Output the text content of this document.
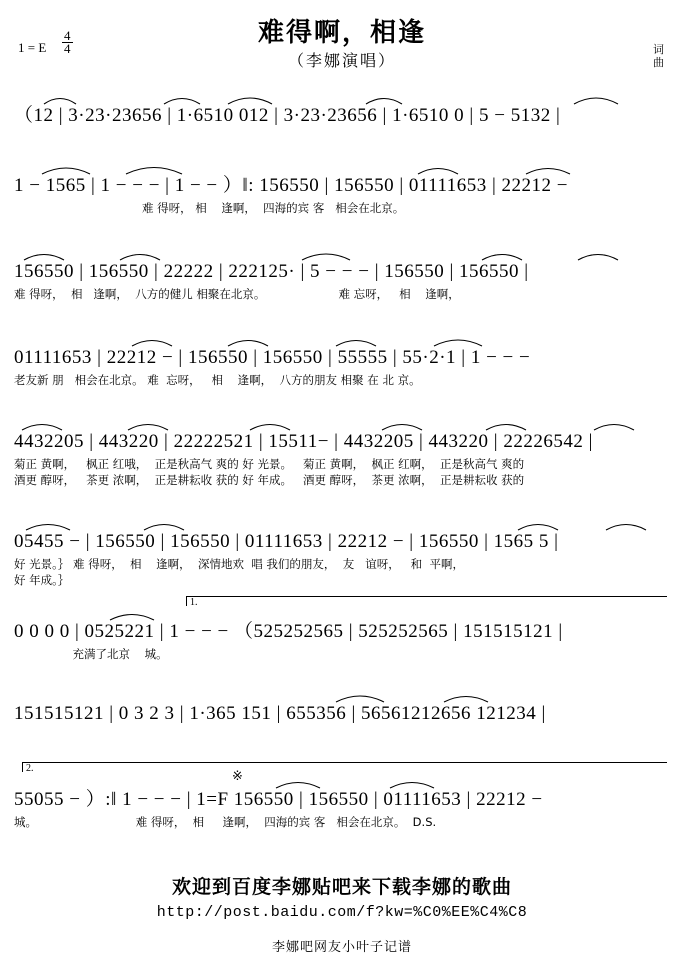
难得啊，相逢
（李娜演唱）
1 = E $\frac{4}{4}$	词
曲
（12 | 3·23·23656 | 1·6510 012 | 3·23·23656 | 1·6510 0 | 5 − 5132 |
1 − 1565 | 1 − − − | 1 − − ）‖: 156550 | 156550 | 01111653 | 22212 −
难 得呀， 相    逢啊，  四海的宾 客   相会在北京。
156550 | 156550 | 22222 | 222125· | 5 − − − | 156550 | 156550 |
难 得呀，  相   逢啊，  八方的健儿 相聚在北京。                    难 忘呀，   相    逢啊，
01111653 | 22212 − | 156550 | 156550 | 55555 | 55·2·1 | 1 − − −
老友新 朋   相会在北京。 难  忘呀，   相    逢啊，  八方的朋友 相聚 在 北 京。
4432205 | 443220 | 22222521 | 15511− | 4432205 | 443220 | 22226542 |
菊正 黄啊，   枫正 红哦，  正是秋高气 爽的 好 光景。   菊正 黄啊，  枫正 红啊，  正是秋高气 爽的
酒更 醇呀，   茶更 浓啊，  正是耕耘收 获的 好 年成。   酒更 醇呀，  茶更 浓啊，  正是耕耘收 获的
05455 − | 156550 | 156550 | 01111653 | 22212 − | 156550 | 1565 5 |
好 光景。｝ 难 得呀，  相    逢啊，  深情地欢  唱 我们的朋友，  友   谊呀，   和  平啊，
好 年成。｝
1.
0 0 0 0 | 0525221 | 1 − − − （525252565 | 525252565 | 151515121 |
充满了北京    城。
151515121 | 0 3 2 3 | 1·365 151 | 655356 | 56561212656 121234 |
2.	※
55055 − ）:‖ 1 − − − | 1=F 156550 | 156550 | 01111653 | 22212 −
城。                           难 得呀，  相     逢啊，  四海的宾 客   相会在北京。  D.S.
欢迎到百度李娜贴吧来下载李娜的歌曲
http://post.baidu.com/f?kw=%C0%EE%C4%C8
李娜吧网友小叶子记谱
